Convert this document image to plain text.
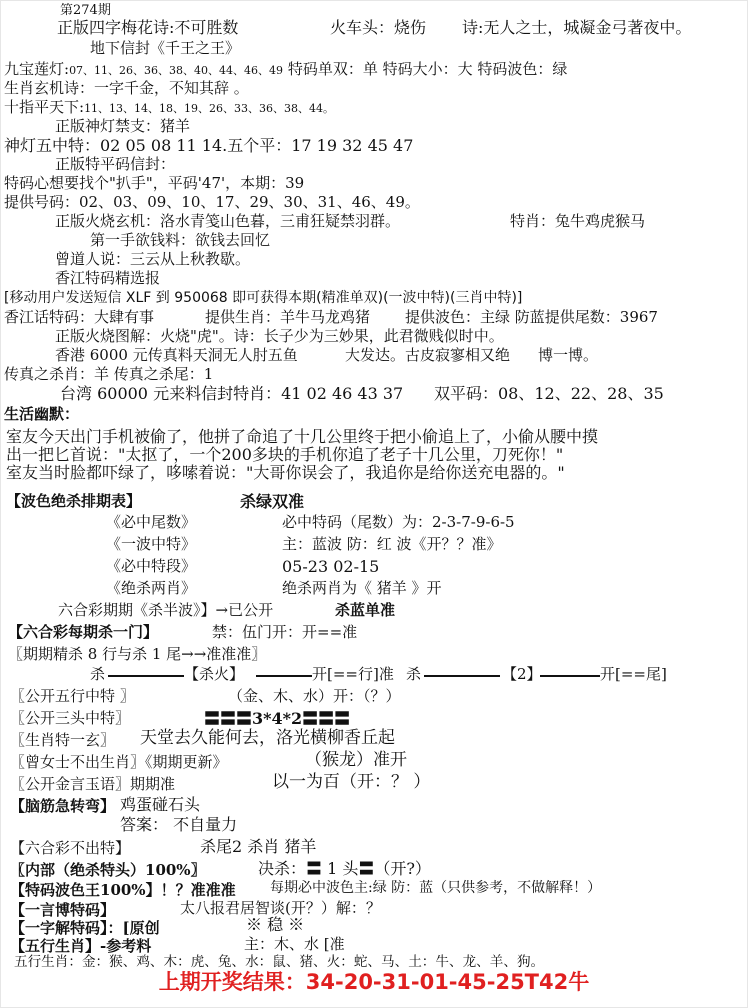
第274期
正版四字梅花诗:不可胜数	火车头：烧伤 诗:无人之士，城凝金弓著夜中。
地下信封《千王之王》
九宝莲灯:07、11、26、36、38、40、44、46、49 特码单双：单 特码大小：大 特码波色：绿
生肖玄机诗：一字千金，不知其辞 。
十指平天下:11、13、14、18、19、26、33、36、38、44。
正版神灯禁支：猪羊
神灯五中特：02 05 08 11 14.五个平：17 19 32 45 47
正版特平码信封：
特码心想要找个"扒手"，平码'47'，本期：39
提供号码：02、03、09、10、17、29、30、31、46、49。
正版火烧玄机：洛水青笺山色暮，三甫狂疑禁羽群。	特肖：兔牛鸡虎猴马
第一手欲钱料：欲钱去回忆
曾道人说：三云从上秋教歇。
香江特码精选报
[移动用户发送短信 XLF 到 950068 即可获得本期(精准单双)(一波中特)(三肖中特)]
香江话特码：大肆有事	提供生肖：羊牛马龙鸡猪 提供波色：主绿 防蓝提供尾数：3967
正版火烧图解：火烧"虎"。诗：长子少为三妙果，此君微贱似时中。
香港 6000 元传真料天洞无人肘五鱼	大发达。古皮寂寥相又绝 博一博。
传真之杀肖：羊 传真之杀尾：1
台湾 60000 元来料信封特肖：41 02 46 43 37 双平码：08、12、22、28、35
生活幽默：
室友今天出门手机被偷了，他拼了命追了十几公里终于把小偷追上了，小偷从腰中摸
出一把匕首说："太抠了，一个200多块的手机你追了老子十几公里，刀死你！"
室友当时脸都吓绿了，哆嗦着说："大哥你误会了，我追你是给你送充电器的。"
【波色绝杀排期表】	杀绿双准
《必中尾数》	必中特码（尾数）为：2-3-7-9-6-5
《一波中特》	主：蓝波 防：红 波《开？？准》
《必中特段》	05-23 02-15
《绝杀两肖》	绝杀两肖为《 猪羊 》开
六合彩期期《杀半波》】→已公开	杀蓝单准
【六合彩每期杀一门】	禁：伍门开：开==准
〖期期精杀 8 行与杀 1 尾→→准准准〗
杀	【杀火】	开[==行]准 杀	【2】	开[==尾]
〖公开五行中特 〗	（金、木、水）开：（？）
〖公开三头中特〗	〓〓〓3*4*2〓〓〓
〖生肖特一玄〗 天堂去久能何去，洛光横柳香丘起
〖曾女士不出生肖〗《期期更新》	（猴龙）准开
〖公开金言玉语〗期期准	以一为百（开：？ ）
【脑筋急转弯】 鸡蛋碰石头
答案： 不自量力
【六合彩不出特】	杀尾2 杀肖 猪羊
〖内部（绝杀特头）100%〗	决杀：〓 1 头〓（开?）
【特码波色王100%】！？准准准 每期必中波色主:绿 防：蓝（只供参考，不做解释！）
【一言博特码】	太八报君居智谈(开？）解：？
【一字解特码】：[原创	※ 稳 ※
【五行生肖】-参考料	主：木、水 [准
五行生肖：金：猴、鸡、木：虎、兔、水：鼠、猪、火：蛇、马、土：牛、龙、羊、狗。
上期开奖结果：34-20-31-01-45-25T42牛
